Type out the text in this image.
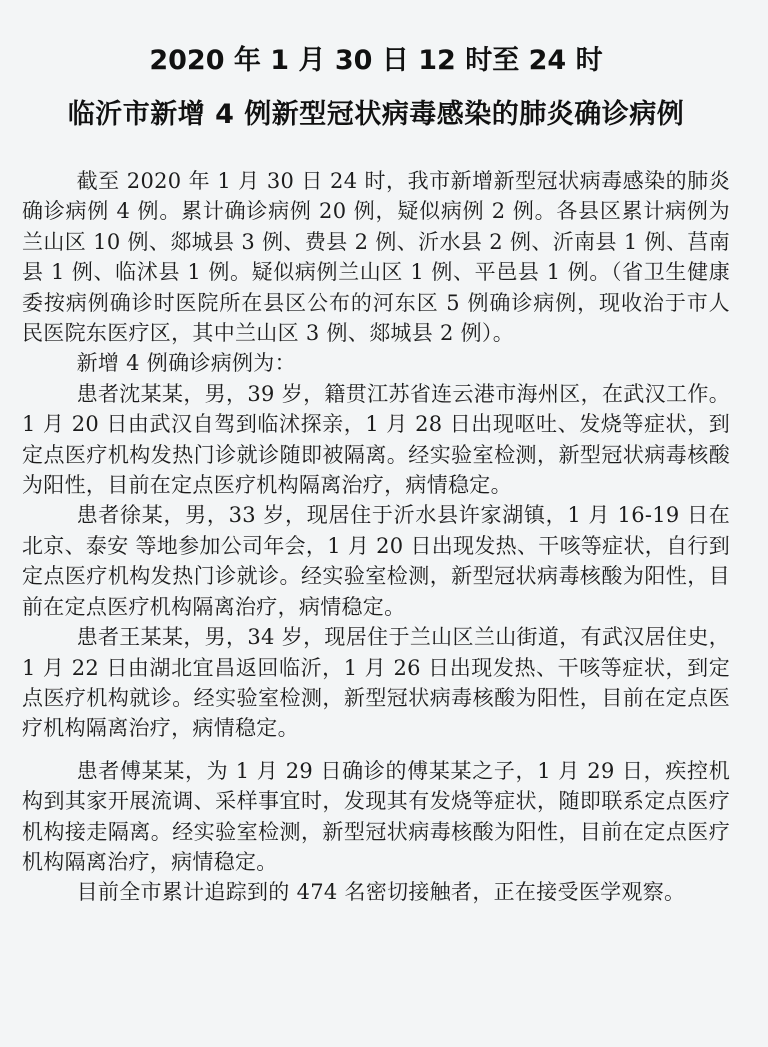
2020 年 1 月 30 日 12 时至 24 时
临沂市新增 4 例新型冠状病毒感染的肺炎确诊病例

截至 2020 年 1 月 30 日 24 时，我市新增新型冠状病毒感染的肺炎确诊病例 4 例。累计确诊病例 20 例，疑似病例 2 例。各县区累计病例为兰山区 10 例、郯城县 3 例、费县 2 例、沂水县 2 例、沂南县 1 例、莒南县 1 例、临沭县 1 例。疑似病例兰山区 1 例、平邑县 1 例。（省卫生健康委按病例确诊时医院所在县区公布的河东区 5 例确诊病例，现收治于市人民医院东医疗区，其中兰山区 3 例、郯城县 2 例）。

新增 4 例确诊病例为：

患者沈某某，男，39 岁，籍贯江苏省连云港市海州区，在武汉工作。1 月 20 日由武汉自驾到临沭探亲，1 月 28 日出现呕吐、发烧等症状，到定点医疗机构发热门诊就诊随即被隔离。经实验室检测，新型冠状病毒核酸为阳性，目前在定点医疗机构隔离治疗，病情稳定。

患者徐某，男，33 岁，现居住于沂水县许家湖镇，1 月 16-19 日在北京、泰安 等地参加公司年会，1 月 20 日出现发热、干咳等症状，自行到定点医疗机构发热门诊就诊。经实验室检测，新型冠状病毒核酸为阳性，目前在定点医疗机构隔离治疗，病情稳定。

患者王某某，男，34 岁，现居住于兰山区兰山街道，有武汉居住史，1 月 22 日由湖北宜昌返回临沂，1 月 26 日出现发热、干咳等症状，到定点医疗机构就诊。经实验室检测，新型冠状病毒核酸为阳性，目前在定点医疗机构隔离治疗，病情稳定。

患者傅某某，为 1 月 29 日确诊的傅某某之子，1 月 29 日，疾控机构到其家开展流调、采样事宜时，发现其有发烧等症状，随即联系定点医疗机构接走隔离。经实验室检测，新型冠状病毒核酸为阳性，目前在定点医疗机构隔离治疗，病情稳定。

目前全市累计追踪到的 474 名密切接触者，正在接受医学观察。
